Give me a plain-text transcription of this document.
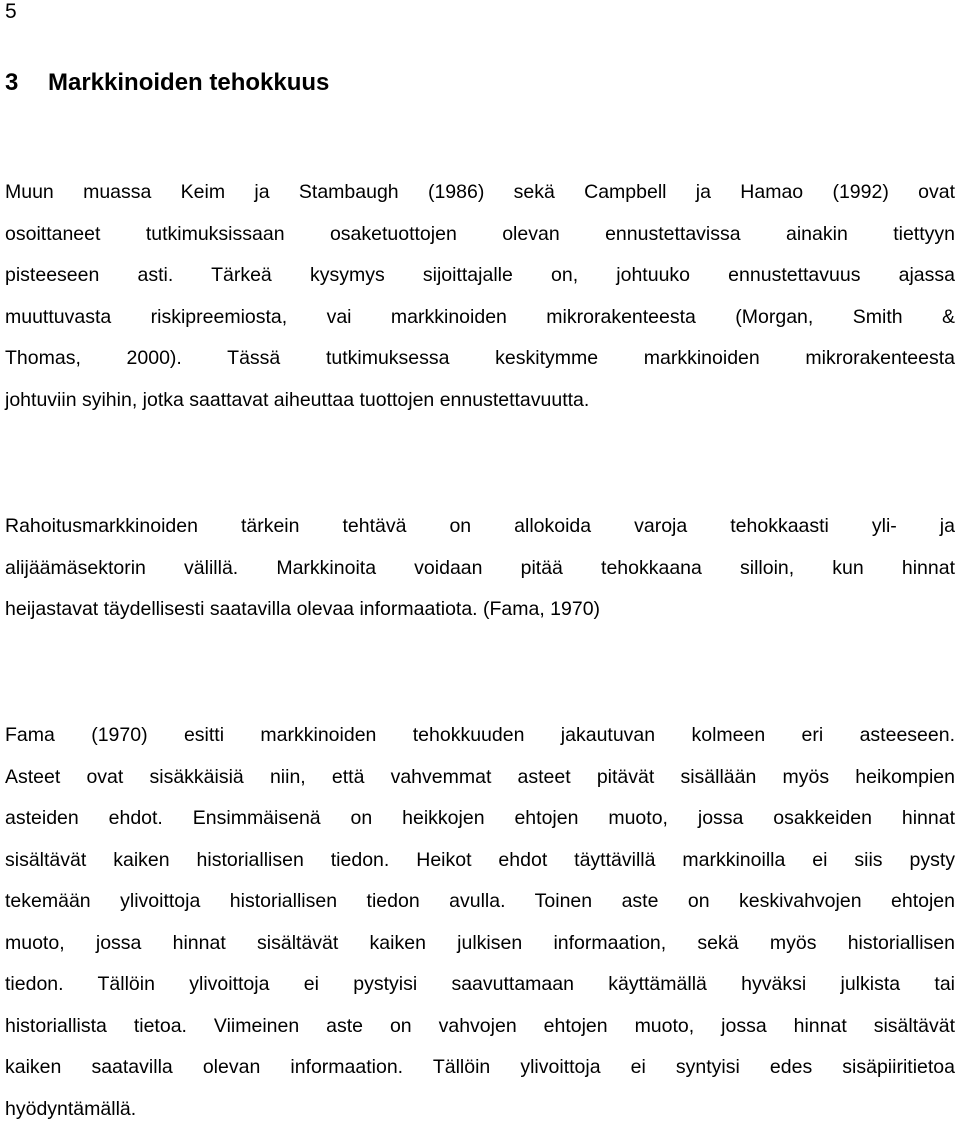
5
3 Markkinoiden tehokkuus
Muun muassa Keim ja Stambaugh (1986) sekä Campbell ja Hamao (1992) ovat
osoittaneet tutkimuksissaan osaketuottojen olevan ennustettavissa ainakin tiettyyn
pisteeseen asti. Tärkeä kysymys sijoittajalle on, johtuuko ennustettavuus ajassa
muuttuvasta riskipreemiosta, vai markkinoiden mikrorakenteesta (Morgan, Smith &
Thomas, 2000). Tässä tutkimuksessa keskitymme markkinoiden mikrorakenteesta
johtuviin syihin, jotka saattavat aiheuttaa tuottojen ennustettavuutta.
Rahoitusmarkkinoiden tärkein tehtävä on allokoida varoja tehokkaasti yli- ja
alijäämäsektorin välillä. Markkinoita voidaan pitää tehokkaana silloin, kun hinnat
heijastavat täydellisesti saatavilla olevaa informaatiota. (Fama, 1970)
Fama (1970) esitti markkinoiden tehokkuuden jakautuvan kolmeen eri asteeseen.
Asteet ovat sisäkkäisiä niin, että vahvemmat asteet pitävät sisällään myös heikompien
asteiden ehdot. Ensimmäisenä on heikkojen ehtojen muoto, jossa osakkeiden hinnat
sisältävät kaiken historiallisen tiedon. Heikot ehdot täyttävillä markkinoilla ei siis pysty
tekemään ylivoittoja historiallisen tiedon avulla. Toinen aste on keskivahvojen ehtojen
muoto, jossa hinnat sisältävät kaiken julkisen informaation, sekä myös historiallisen
tiedon. Tällöin ylivoittoja ei pystyisi saavuttamaan käyttämällä hyväksi julkista tai
historiallista tietoa. Viimeinen aste on vahvojen ehtojen muoto, jossa hinnat sisältävät
kaiken saatavilla olevan informaation. Tällöin ylivoittoja ei syntyisi edes sisäpiiritietoa
hyödyntämällä.
